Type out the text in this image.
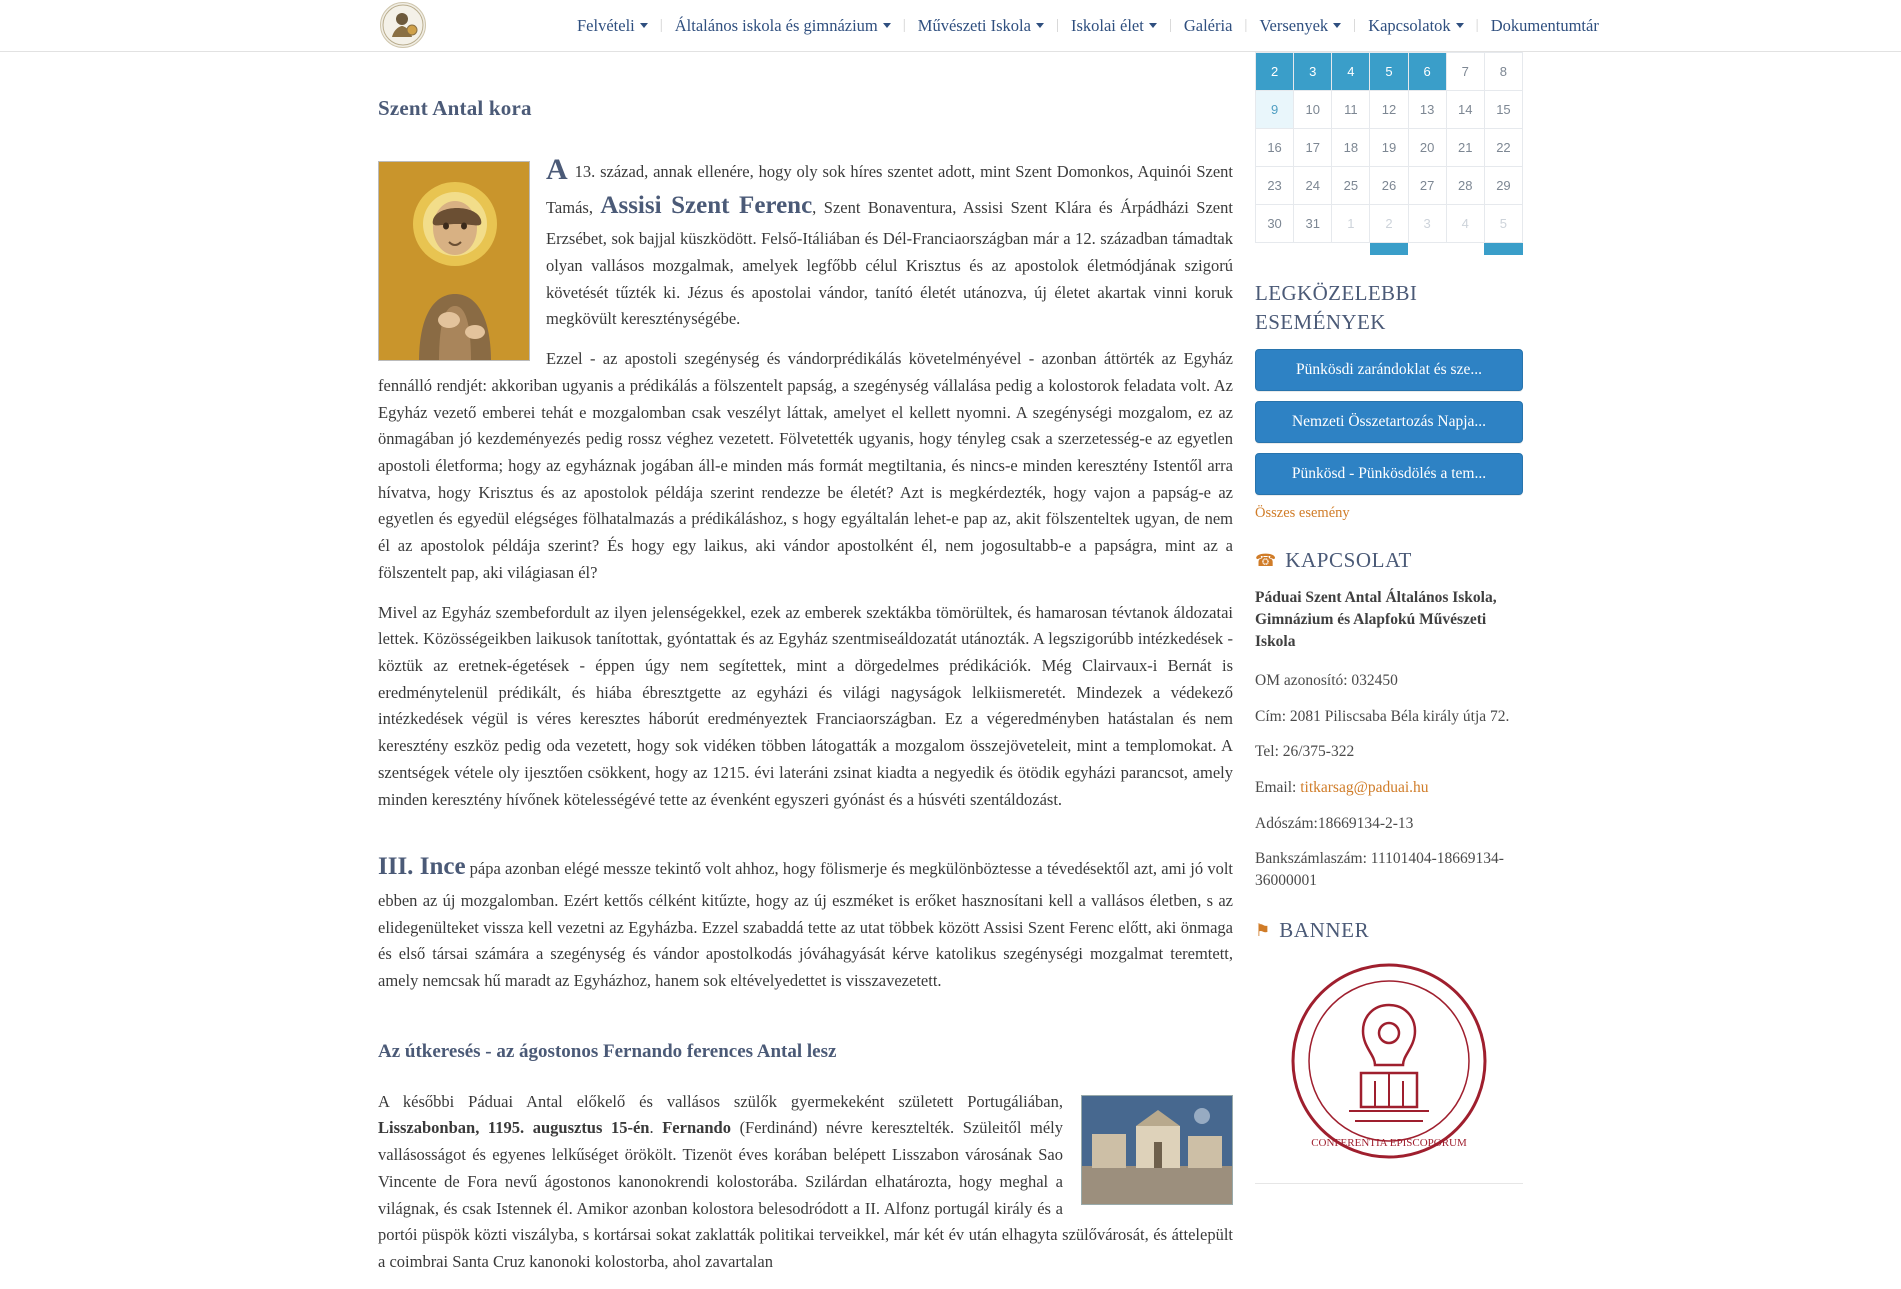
Felvételi | Általános iskola és gimnázium | Művészeti Iskola | Iskolai élet | Galéria | Versenyek | Kapcsolatok | Dokumentumtár
Szent Antal kora

A 13. század, annak ellenére, hogy oly sok híres szentet adott, mint Szent Domonkos, Aquinói Szent Tamás, Assisi Szent Ferenc, Szent Bonaventura, Assisi Szent Klára és Árpádházi Szent Erzsébet, sok bajjal küszködött. Felső-Itáliában és Dél-Franciaországban már a 12. században támadtak olyan vallásos mozgalmak, amelyek legfőbb célul Krisztus és az apostolok életmódjának szigorú követését tűzték ki. Jézus és apostolai vándor, tanító életét utánozva, új életet akartak vinni koruk megkövült kereszténységébe.

Ezzel - az apostoli szegénység és vándorprédikálás követelményével - azonban áttörték az Egyház fennálló rendjét: akkoriban ugyanis a prédikálás a fölszentelt papság, a szegénység vállalása pedig a kolostorok feladata volt. Az Egyház vezető emberei tehát e mozgalomban csak veszélyt láttak, amelyet el kellett nyomni. A szegénységi mozgalom, ez az önmagában jó kezdeményezés pedig rossz véghez vezetett. Fölvetették ugyanis, hogy tényleg csak a szerzetesség-e az egyetlen apostoli életforma; hogy az egyháznak jogában áll-e minden más formát megtiltania, és nincs-e minden keresztény Istentől arra hívatva, hogy Krisztus és az apostolok példája szerint rendezze be életét? Azt is megkérdezték, hogy vajon a papság-e az egyetlen és egyedül elégséges fölhatalmazás a prédikáláshoz, s hogy egyáltalán lehet-e pap az, akit fölszenteltek ugyan, de nem él az apostolok példája szerint? És hogy egy laikus, aki vándor apostolként él, nem jogosultabb-e a papságra, mint az a fölszentelt pap, aki világiasan él?

Mivel az Egyház szembefordult az ilyen jelenségekkel, ezek az emberek szektákba tömörültek, és hamarosan tévtanok áldozatai lettek. Közösségeikben laikusok tanítottak, gyóntattak és az Egyház szentmiseáldozatát utánozták. A legszigorúbb intézkedések - köztük az eretnek-égetések - éppen úgy nem segítettek, mint a dörgedelmes prédikációk. Még Clairvaux-i Bernát is eredménytelenül prédikált, és hiába ébresztgette az egyházi és világi nagyságok lelkiismeretét. Mindezek a védekező intézkedések végül is véres keresztes háborút eredményeztek Franciaországban. Ez a végeredményben hatástalan és nem keresztény eszköz pedig oda vezetett, hogy sok vidéken többen látogatták a mozgalom összejöveteleit, mint a templomokat. A szentségek vétele oly ijesztően csökkent, hogy az 1215. évi lateráni zsinat kiadta a negyedik és ötödik egyházi parancsot, amely minden keresztény hívőnek kötelességévé tette az évenként egyszeri gyónást és a húsvéti szentáldozást.

III. Ince pápa azonban elégé messze tekintő volt ahhoz, hogy fölismerje és megkülönböztesse a tévedésektől azt, ami jó volt ebben az új mozgalomban. Ezért kettős célként kitűzte, hogy az új eszméket is erőket hasznosítani kell a vallásos életben, s az elidegenülteket vissza kell vezetni az Egyházba. Ezzel szabaddá tette az utat többek között Assisi Szent Ferenc előtt, aki önmaga és első társai számára a szegénység és vándor apostolkodás jóváhagyását kérve katolikus szegénységi mozgalmat teremtett, amely nemcsak hű maradt az Egyházhoz, hanem sok eltévelyedettet is visszavezetett.

Az útkeresés - az ágostonos Fernando ferences Antal lesz

A későbbi Páduai Antal előkelő és vallásos szülők gyermekeként született Portugáliában, Lisszabonban, 1195. augusztus 15-én. Fernando (Ferdinánd) névre keresztelték. Szüleitől mély vallásosságot és egyenes lelkűséget örökölt. Tizenöt éves korában belépett Lisszabon városának Sao Vincente de Fora nevű ágostonos kanonokrendi kolostorába. Szilárdan elhatározta, hogy meghal a világnak, és csak Istennek él. Amikor azonban kolostora belesodródott a II. Alfonz portugál király és a portói püspök közti viszályba, s kortársai sokat zaklatták politikai terveikkel, már két év után elhagyta szülővárosát, és áttelepült a coimbrai Santa Cruz kanonoki kolostorba, ahol zavartalan

2	3	4	5	6	7	8
9	10	11	12	13	14	15
16	17	18	19	20	21	22
23	24	25	26	27	28	29
30	31	1	2	3	4	5

LEGKÖZELEBBI
ESEMÉNYEK
Pünkösdi zarándoklat és sze...
Nemzeti Összetartozás Napja...
Pünkösd - Pünkösdölés a tem...
Összes esemény
☎ KAPCSOLAT

Páduai Szent Antal Általános Iskola, Gimnázium és Alapfokú Művészeti Iskola

OM azonosító: 032450

Cím: 2081 Piliscsaba Béla király útja 72.

Tel: 26/375-322

Email: titkarsag@paduai.hu

Adószám:18669134-2-13

Bankszámlaszám: 11101404-18669134-36000001

⚑ BANNER
CONFERENTIA EPISCOPORUM
